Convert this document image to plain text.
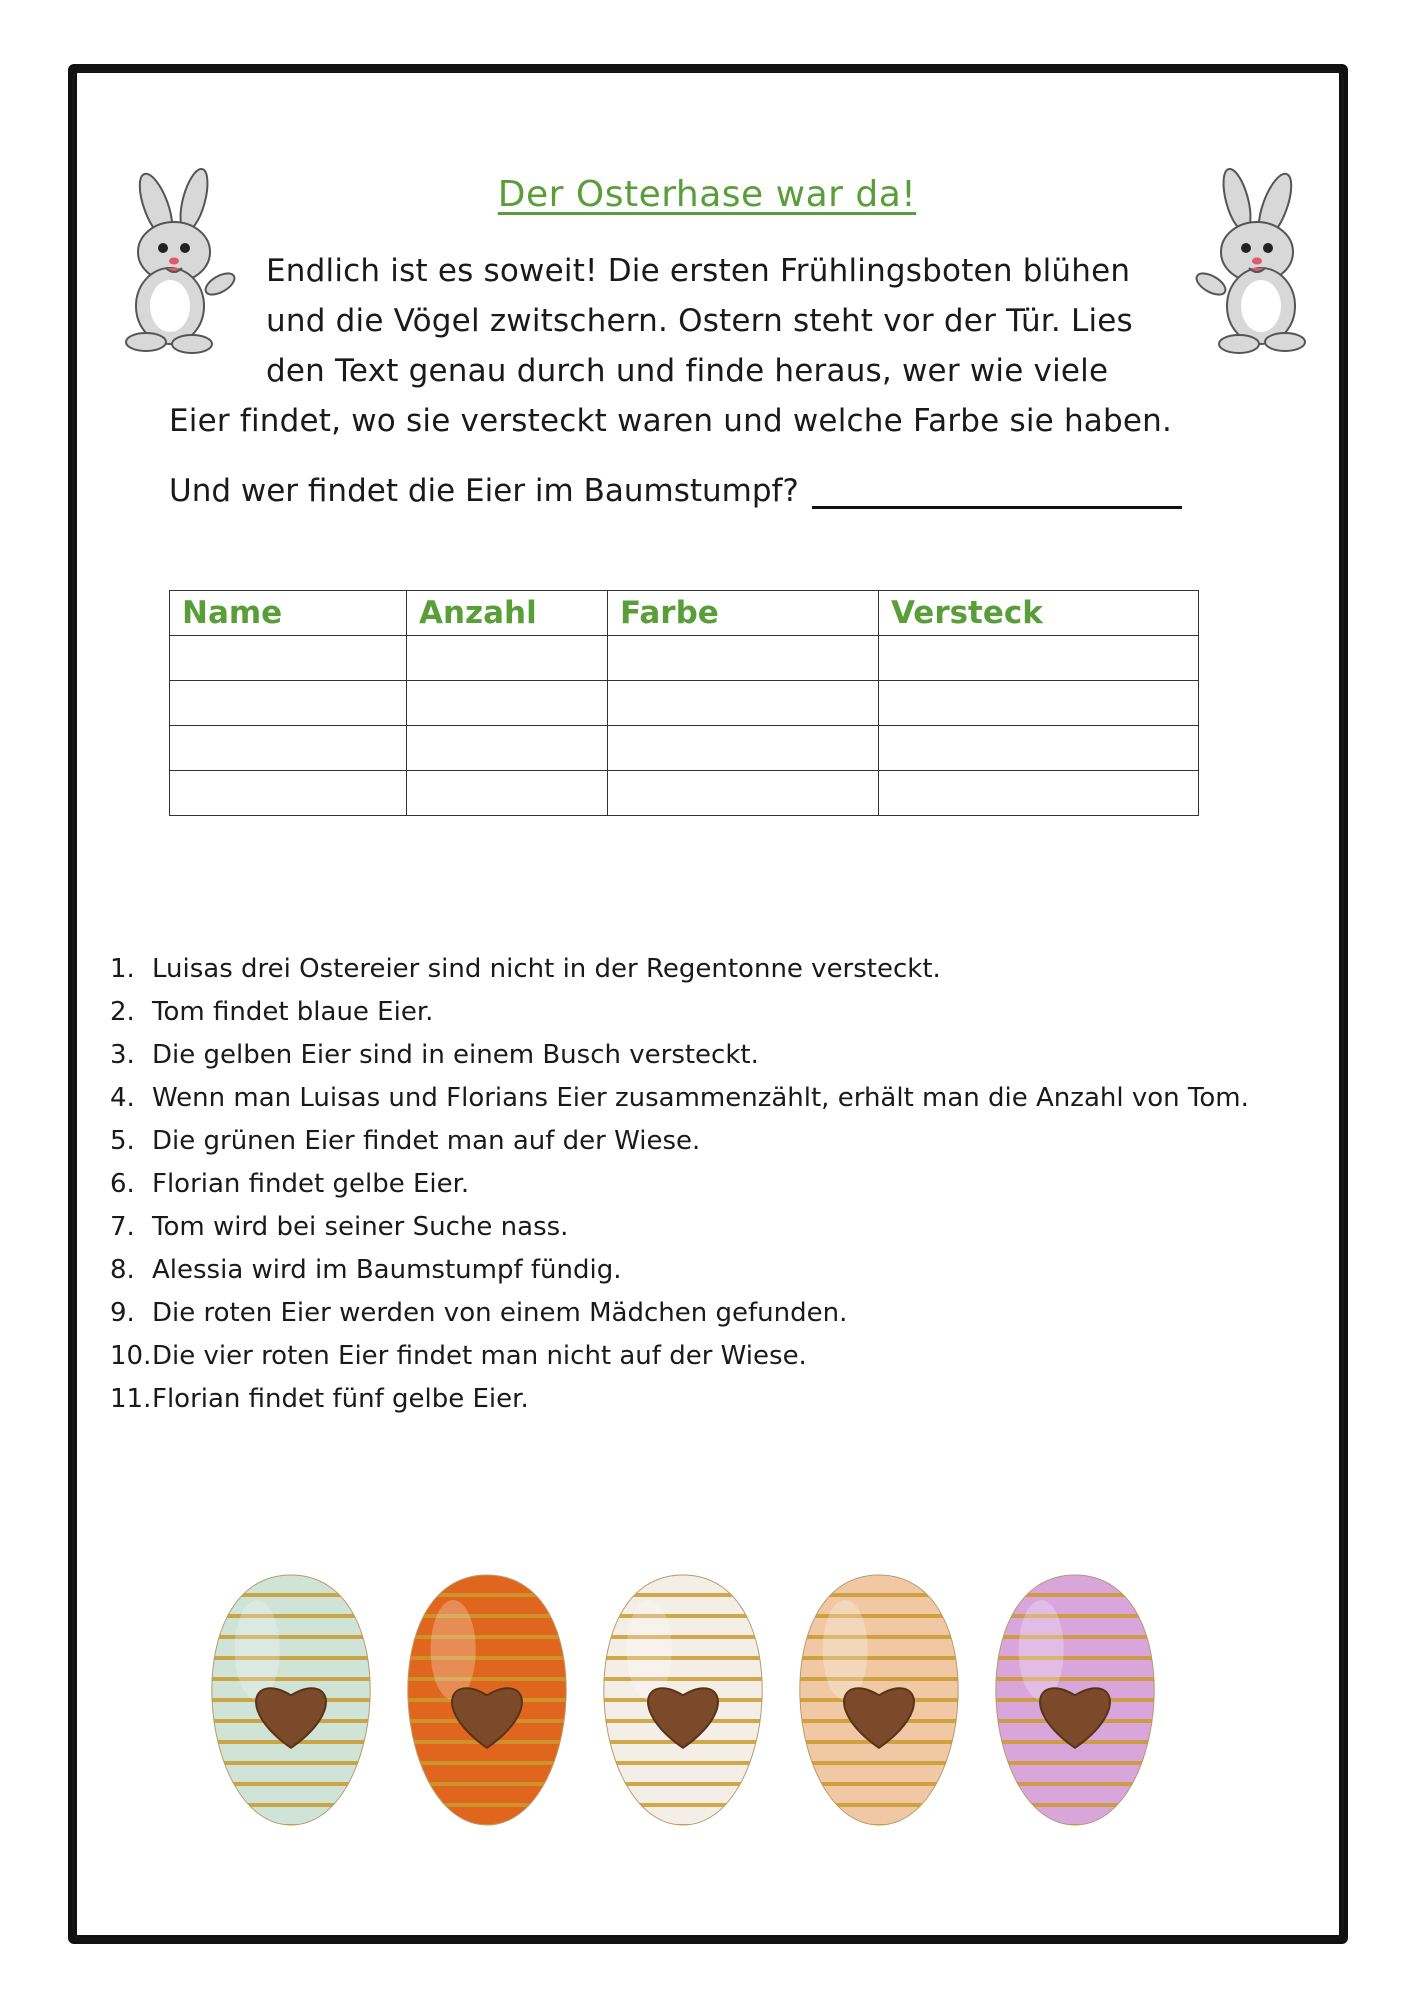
Der Osterhase war da!
Endlich ist es soweit! Die ersten Frühlingsboten blühen
und die Vögel zwitschern. Ostern steht vor der Tür. Lies
den Text genau durch und finde heraus, wer wie viele
Eier findet, wo sie versteckt waren und welche Farbe sie haben.
Und wer findet die Eier im Baumstumpf?
Name	Anzahl	Farbe	Versteck

1. Luisas drei Ostereier sind nicht in der Regentonne versteckt.
2. Tom findet blaue Eier.
3. Die gelben Eier sind in einem Busch versteckt.
4. Wenn man Luisas und Florians Eier zusammenzählt, erhält man die Anzahl von Tom.
5. Die grünen Eier findet man auf der Wiese.
6. Florian findet gelbe Eier.
7. Tom wird bei seiner Suche nass.
8. Alessia wird im Baumstumpf fündig.
9. Die roten Eier werden von einem Mädchen gefunden.
10. Die vier roten Eier findet man nicht auf der Wiese.
11. Florian findet fünf gelbe Eier.
